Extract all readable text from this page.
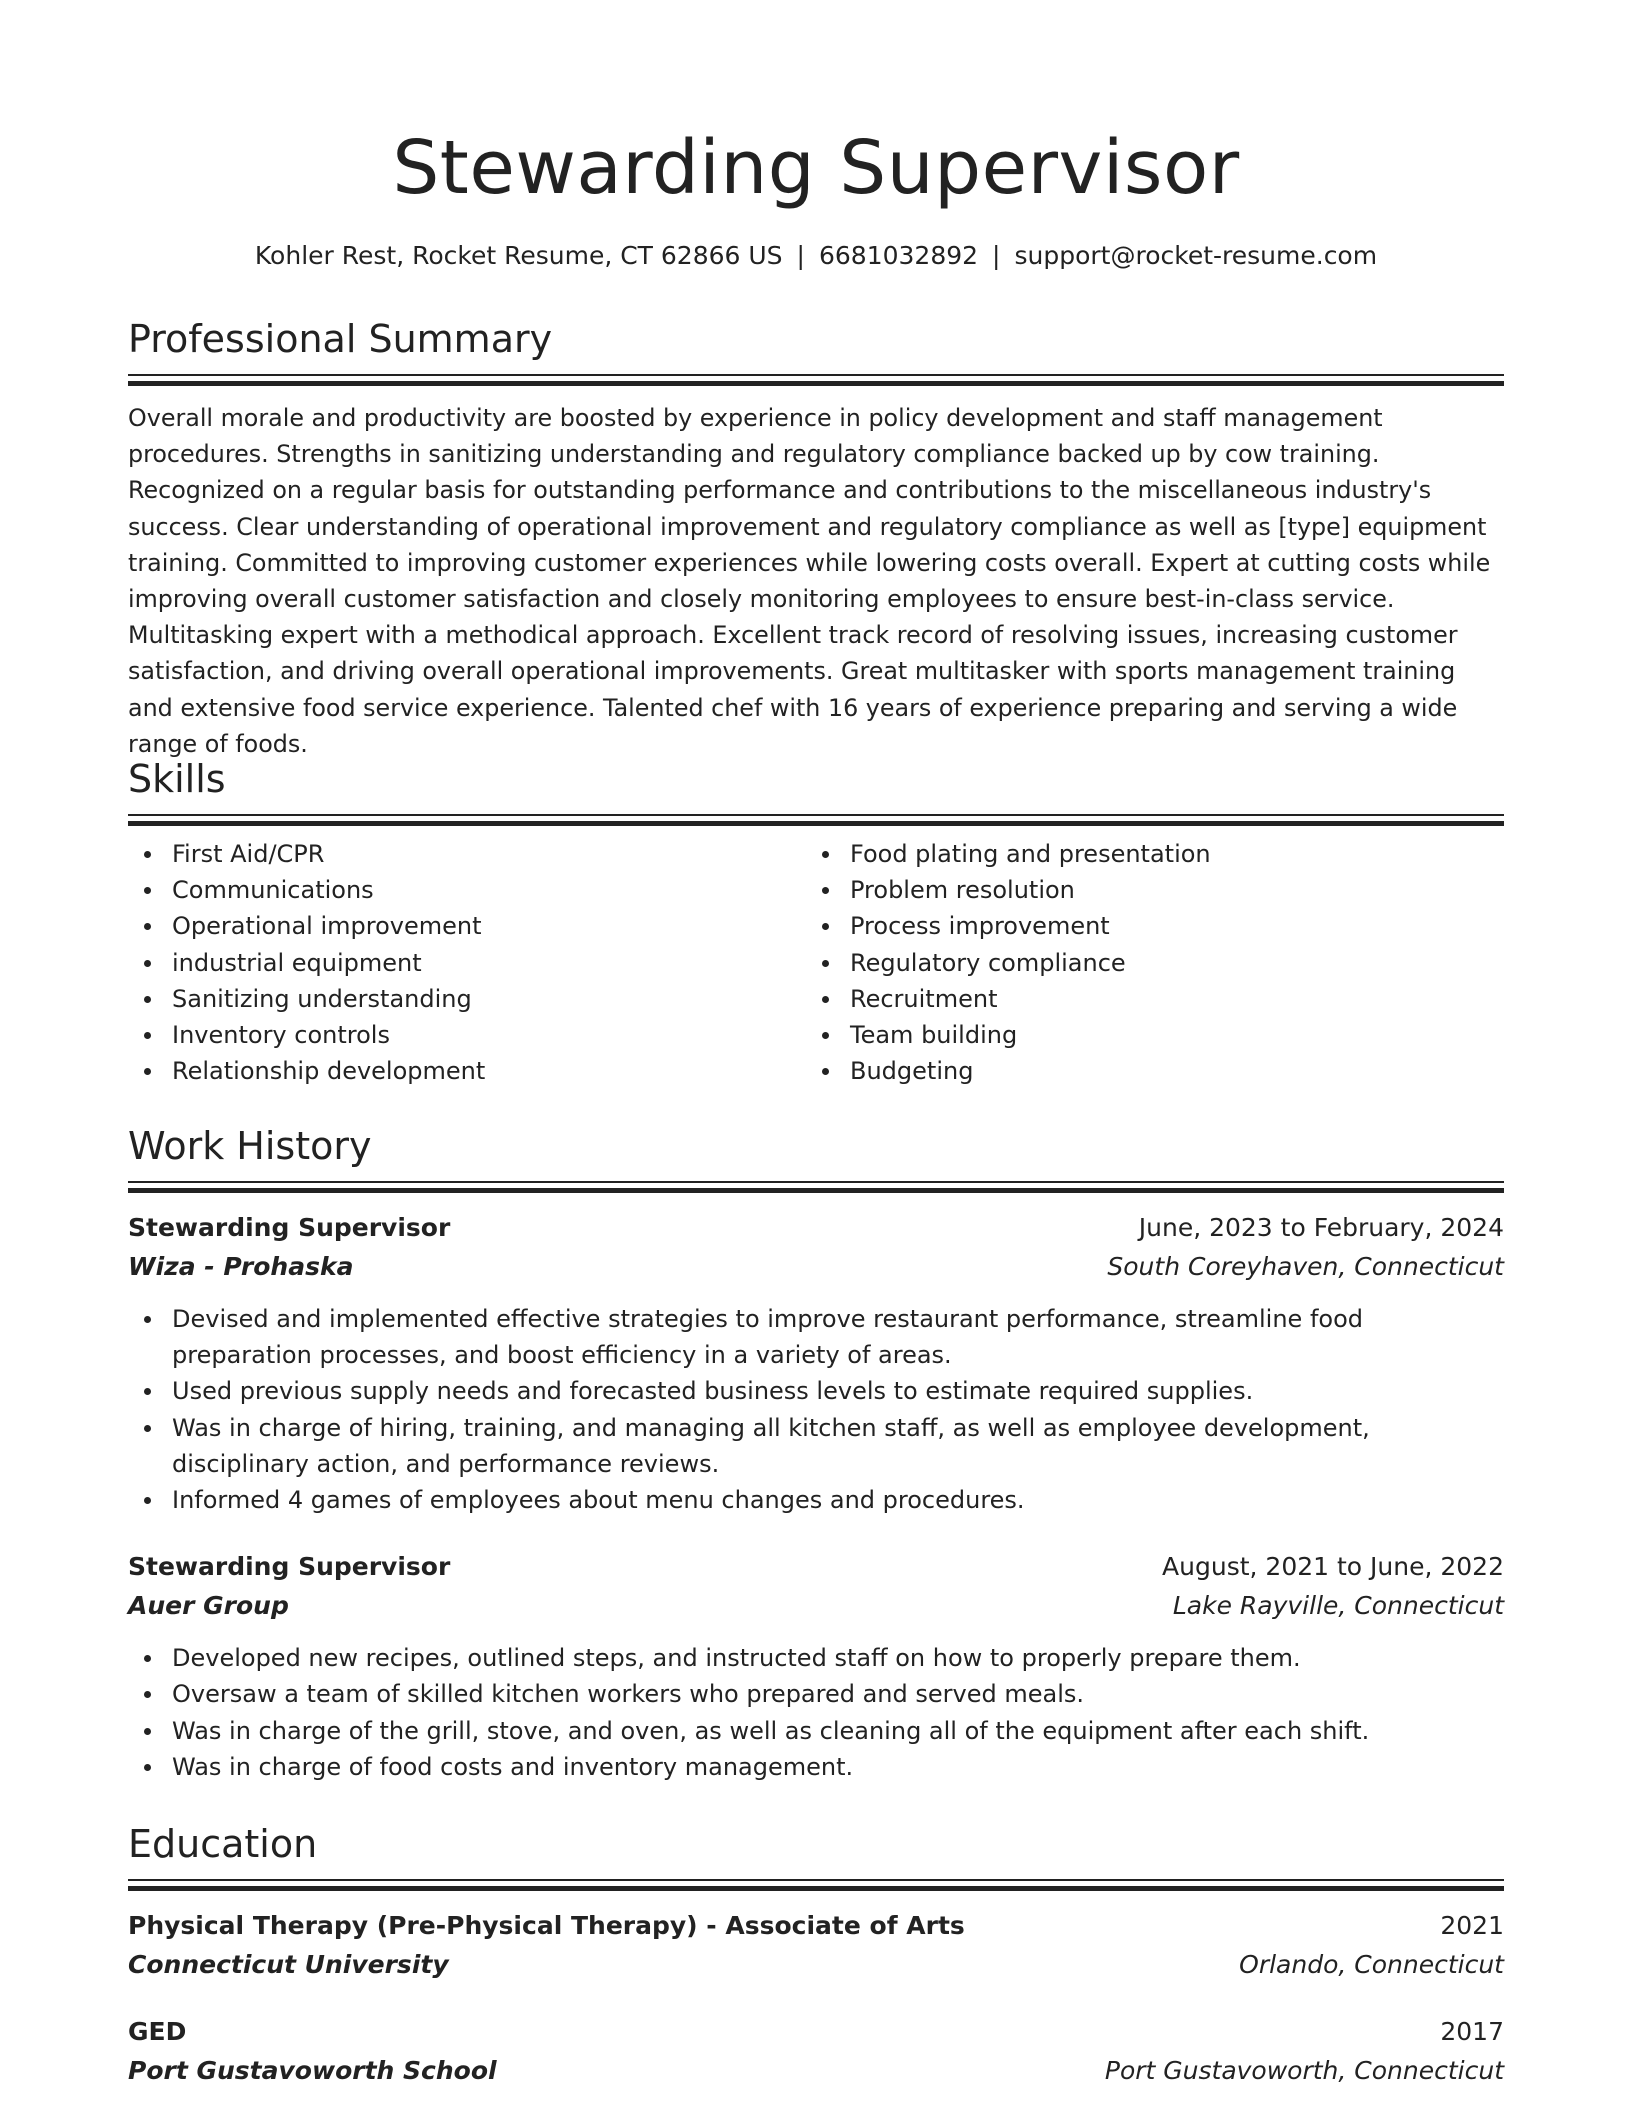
Stewarding Supervisor
Kohler Rest, Rocket Resume, CT 62866 US | 6681032892 | support@rocket-resume.com
Professional Summary

Overall morale and productivity are boosted by experience in policy development and staff management procedures. Strengths in sanitizing understanding and regulatory compliance backed up by cow training. Recognized on a regular basis for outstanding performance and contributions to the miscellaneous industry's success. Clear understanding of operational improvement and regulatory compliance as well as [type] equipment training. Committed to improving customer experiences while lowering costs overall. Expert at cutting costs while improving overall customer satisfaction and closely monitoring employees to ensure best-in-class service. Multitasking expert with a methodical approach. Excellent track record of resolving issues, increasing customer satisfaction, and driving overall operational improvements. Great multitasker with sports management training and extensive food service experience. Talented chef with 16 years of experience preparing and serving a wide range of foods.

Skills
First Aid/CPR
Communications
Operational improvement
industrial equipment
Sanitizing understanding
Inventory controls
Relationship development
Food plating and presentation
Problem resolution
Process improvement
Regulatory compliance
Recruitment
Team building
Budgeting
Work History
Stewarding Supervisor	June, 2023 to February, 2024
Wiza - Prohaska	South Coreyhaven, Connecticut
Devised and implemented effective strategies to improve restaurant performance, streamline food preparation processes, and boost efficiency in a variety of areas.
Used previous supply needs and forecasted business levels to estimate required supplies.
Was in charge of hiring, training, and managing all kitchen staff, as well as employee development, disciplinary action, and performance reviews.
Informed 4 games of employees about menu changes and procedures.
Stewarding Supervisor	August, 2021 to June, 2022
Auer Group	Lake Rayville, Connecticut
Developed new recipes, outlined steps, and instructed staff on how to properly prepare them.
Oversaw a team of skilled kitchen workers who prepared and served meals.
Was in charge of the grill, stove, and oven, as well as cleaning all of the equipment after each shift.
Was in charge of food costs and inventory management.
Education
Physical Therapy (Pre-Physical Therapy) - Associate of Arts	2021
Connecticut University	Orlando, Connecticut
GED	2017
Port Gustavoworth School	Port Gustavoworth, Connecticut
